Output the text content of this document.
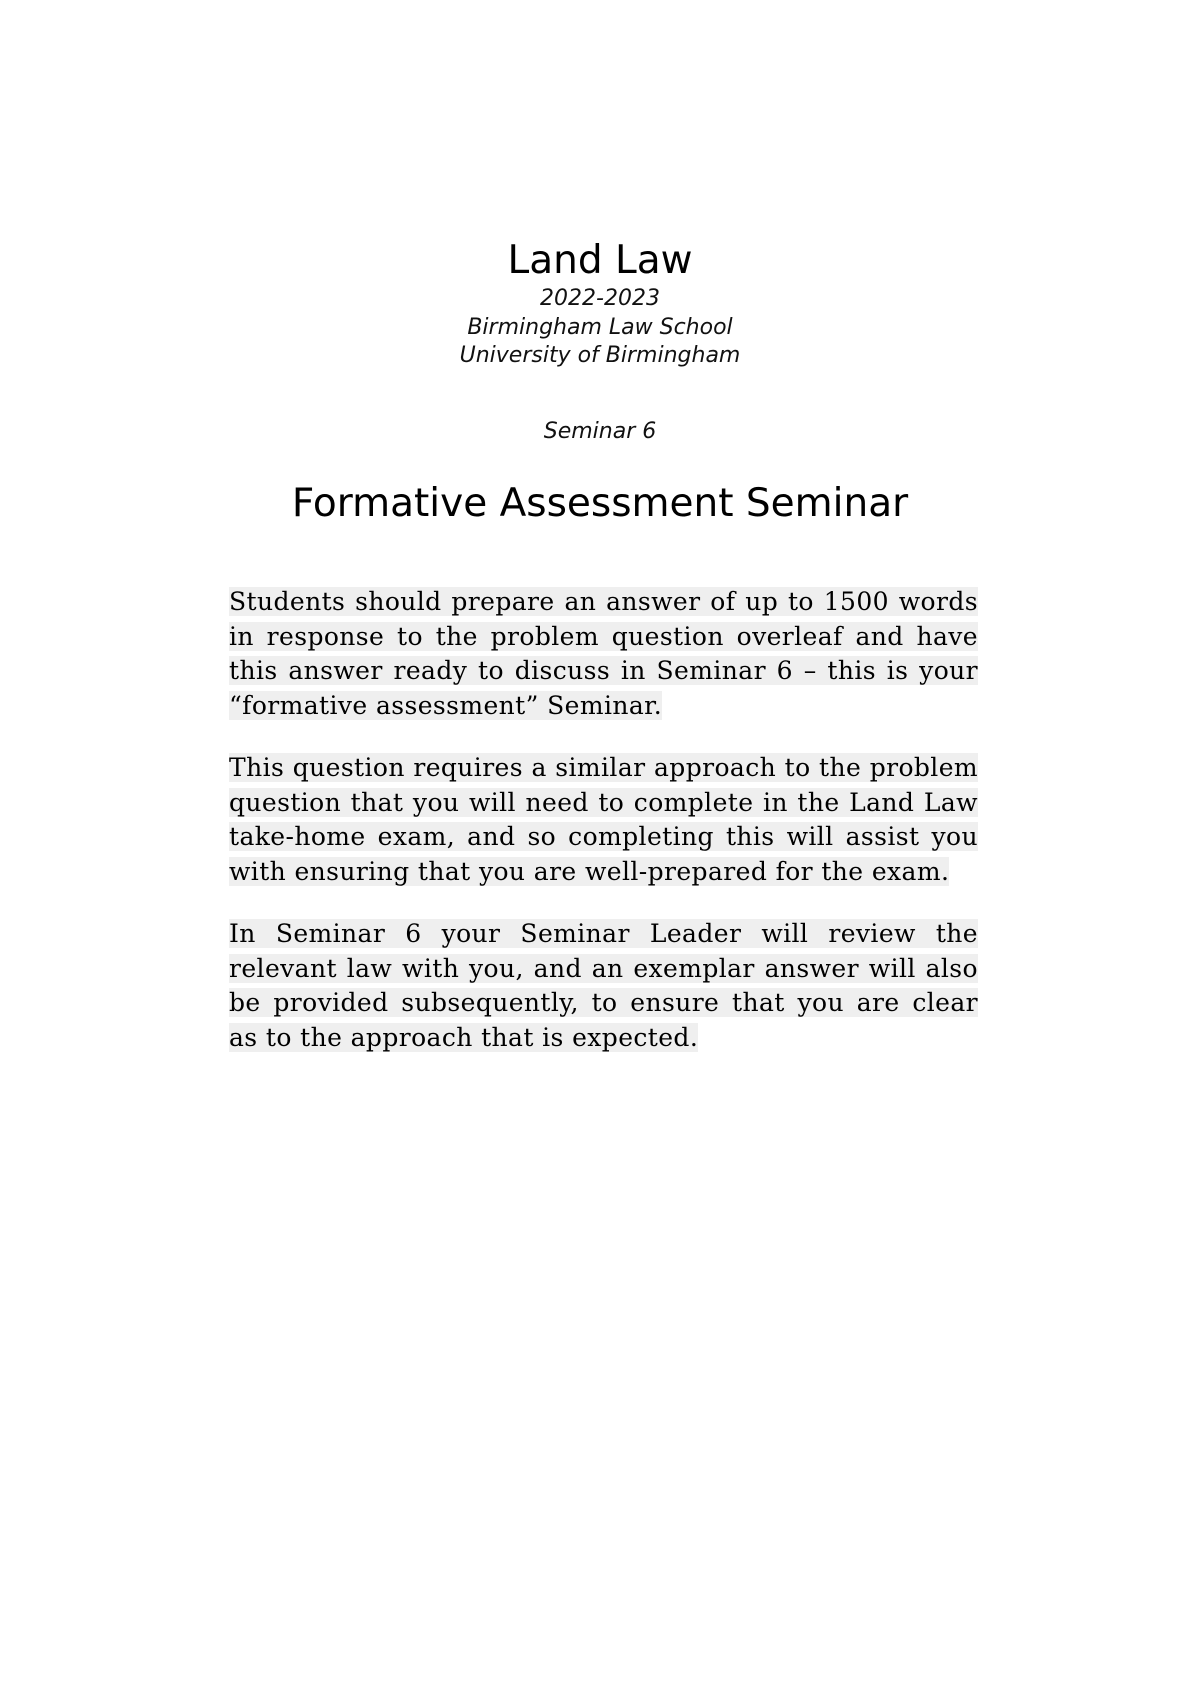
Land Law
2022-2023
Birmingham Law School
University of Birmingham
Seminar 6
Formative Assessment Seminar

Students should prepare an answer of up to 1500 words in response to the problem question overleaf and have this answer ready to discuss in Seminar 6 – this is your “formative assessment” Seminar.

This question requires a similar approach to the problem question that you will need to complete in the Land Law take-home exam, and so completing this will assist you with ensuring that you are well-prepared for the exam.

In Seminar 6 your Seminar Leader will review the relevant law with you, and an exemplar answer will also be provided subsequently, to ensure that you are clear as to the approach that is expected.
